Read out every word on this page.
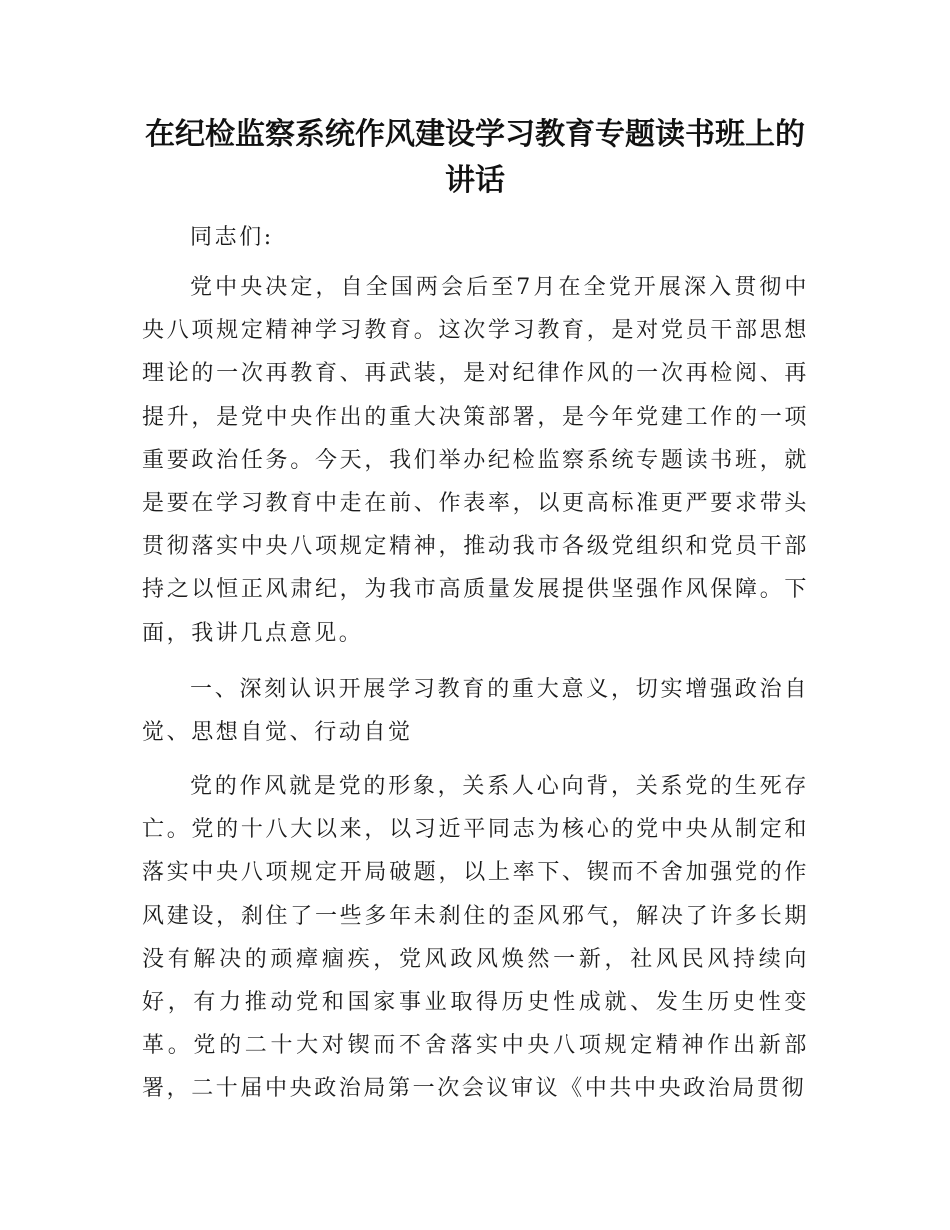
在纪检监察系统作风建设学习教育专题读书班上的讲话

同志们:

党中央决定，自全国两会后至7月在全党开展深入贯彻中央八项规定精神学习教育。这次学习教育，是对党员干部思想理论的一次再教育、再武装，是对纪律作风的一次再检阅、再提升，是党中央作出的重大决策部署，是今年党建工作的一项重要政治任务。今天，我们举办纪检监察系统专题读书班，就是要在学习教育中走在前、作表率，以更高标准更严要求带头贯彻落实中央八项规定精神，推动我市各级党组织和党员干部持之以恒正风肃纪，为我市高质量发展提供坚强作风保障。下面，我讲几点意见。

一、深刻认识开展学习教育的重大意义，切实增强政治自觉、思想自觉、行动自觉

党的作风就是党的形象，关系人心向背，关系党的生死存亡。党的十八大以来，以习近平同志为核心的党中央从制定和落实中央八项规定开局破题，以上率下、锲而不舍加强党的作风建设，刹住了一些多年未刹住的歪风邪气，解决了许多长期没有解决的顽瘴痼疾，党风政风焕然一新，社风民风持续向好，有力推动党和国家事业取得历史性成就、发生历史性变革。党的二十大对锲而不舍落实中央八项规定精神作出新部署，二十届中央政治局第一次会议审议《中共中央政治局贯彻
